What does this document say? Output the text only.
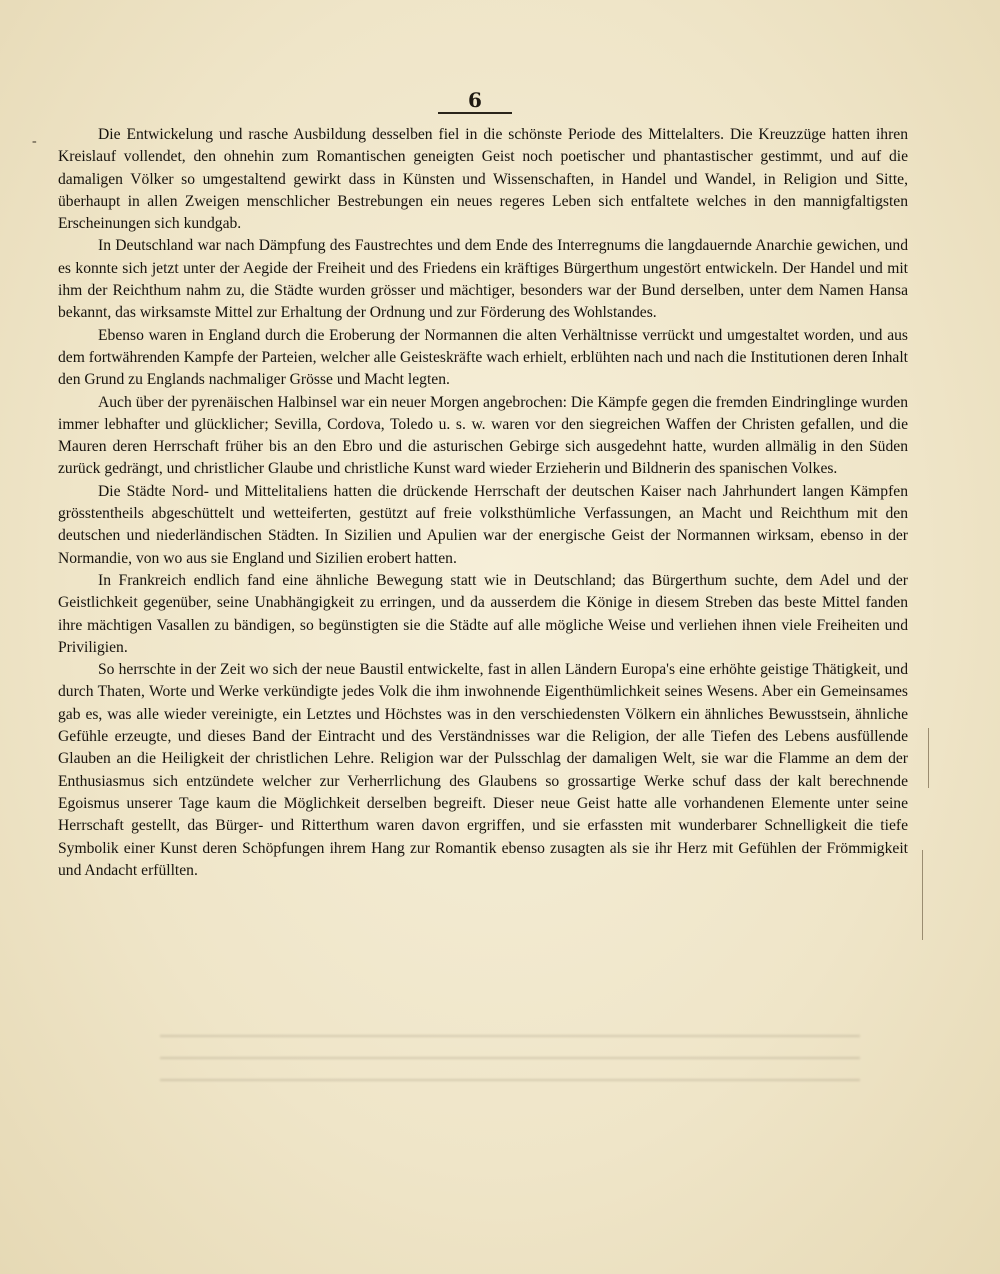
6
-	Die Entwickelung und rasche Ausbildung desselben fiel in die schönste Periode des Mittelalters. Die Kreuzzüge hatten ihren Kreislauf vollendet, den ohnehin zum Romantischen geneigten Geist noch poetischer und phantastischer gestimmt, und auf die damaligen Völker so umgestaltend gewirkt dass in Künsten und Wissenschaften, in Handel und Wandel, in Religion und Sitte, überhaupt in allen Zweigen menschlicher Bestrebungen ein neues regeres Leben sich entfaltete welches in den mannigfaltigsten Erscheinungen sich kundgab.

In Deutschland war nach Dämpfung des Faustrechtes und dem Ende des Interregnums die langdauernde Anarchie gewichen, und es konnte sich jetzt unter der Aegide der Freiheit und des Friedens ein kräftiges Bürgerthum ungestört entwickeln. Der Handel und mit ihm der Reichthum nahm zu, die Städte wurden grösser und mächtiger, besonders war der Bund derselben, unter dem Namen Hansa bekannt, das wirksamste Mittel zur Erhaltung der Ordnung und zur Förderung des Wohlstandes.

Ebenso waren in England durch die Eroberung der Normannen die alten Verhältnisse verrückt und umgestaltet worden, und aus dem fortwährenden Kampfe der Parteien, welcher alle Geisteskräfte wach erhielt, erblühten nach und nach die Institutionen deren Inhalt den Grund zu Englands nachmaliger Grösse und Macht legten.

Auch über der pyrenäischen Halbinsel war ein neuer Morgen angebrochen: Die Kämpfe gegen die fremden Eindringlinge wurden immer lebhafter und glücklicher; Sevilla, Cordova, Toledo u. s. w. waren vor den siegreichen Waffen der Christen gefallen, und die Mauren deren Herrschaft früher bis an den Ebro und die asturischen Gebirge sich ausgedehnt hatte, wurden allmälig in den Süden zurück gedrängt, und christlicher Glaube und christliche Kunst ward wieder Erzieherin und Bildnerin des spanischen Volkes.

Die Städte Nord- und Mittelitaliens hatten die drückende Herrschaft der deutschen Kaiser nach Jahrhundert langen Kämpfen grösstentheils abgeschüttelt und wetteiferten, gestützt auf freie volksthümliche Verfassungen, an Macht und Reichthum mit den deutschen und niederländischen Städten. In Sizilien und Apulien war der energische Geist der Normannen wirksam, ebenso in der Normandie, von wo aus sie England und Sizilien erobert hatten.

In Frankreich endlich fand eine ähnliche Bewegung statt wie in Deutschland; das Bürgerthum suchte, dem Adel und der Geistlichkeit gegenüber, seine Unabhängigkeit zu erringen, und da ausserdem die Könige in diesem Streben das beste Mittel fanden ihre mächtigen Vasallen zu bändigen, so begünstigten sie die Städte auf alle mögliche Weise und verliehen ihnen viele Freiheiten und Priviligien.

So herrschte in der Zeit wo sich der neue Baustil entwickelte, fast in allen Ländern Europa's eine erhöhte geistige Thätigkeit, und durch Thaten, Worte und Werke verkündigte jedes Volk die ihm inwohnende Eigenthümlichkeit seines Wesens. Aber ein Gemeinsames gab es, was alle wieder vereinigte, ein Letztes und Höchstes was in den verschiedensten Völkern ein ähnliches Bewusstsein, ähnliche Gefühle erzeugte, und dieses Band der Eintracht und des Verständnisses war die Religion, der alle Tiefen des Lebens ausfüllende Glauben an die Heiligkeit der christlichen Lehre. Religion war der Pulsschlag der damaligen Welt, sie war die Flamme an dem der Enthusiasmus sich entzündete welcher zur Verherrlichung des Glaubens so grossartige Werke schuf dass der kalt berechnende Egoismus unserer Tage kaum die Möglichkeit derselben begreift. Dieser neue Geist hatte alle vorhandenen Elemente unter seine Herrschaft gestellt, das Bürger- und Ritterthum waren davon ergriffen, und sie erfassten mit wunderbarer Schnelligkeit die tiefe Symbolik einer Kunst deren Schöpfungen ihrem Hang zur Romantik ebenso zusagten als sie ihr Herz mit Gefühlen der Frömmigkeit und Andacht erfüllten.
